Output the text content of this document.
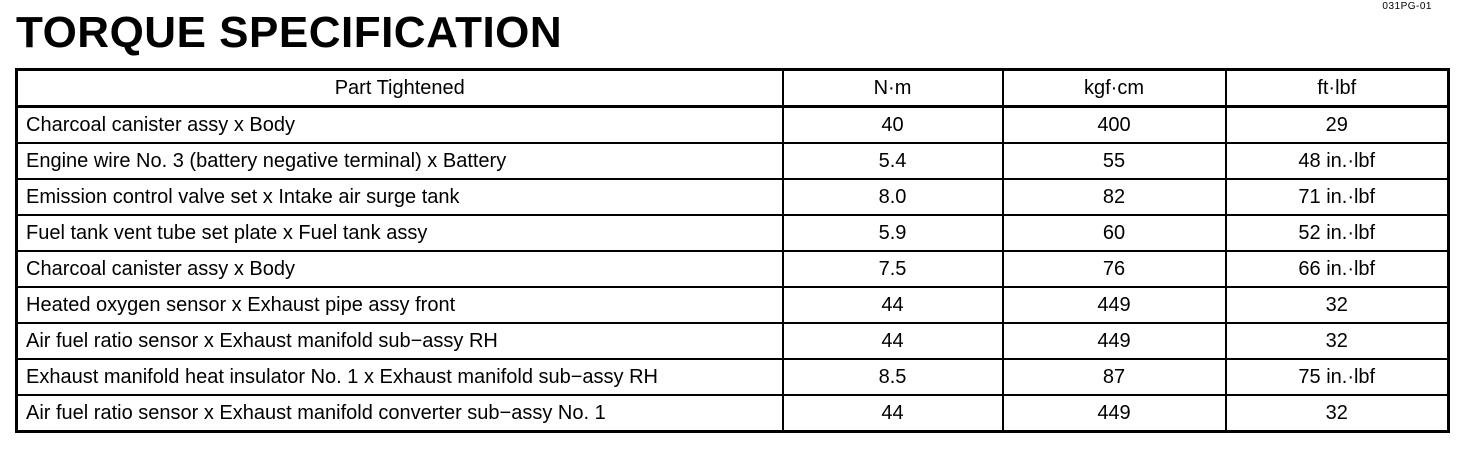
031PG-01
TORQUE SPECIFICATION
Part Tightened	N·m	kgf·cm	ft·lbf
Charcoal canister assy x Body	40	400	29
Engine wire No. 3 (battery negative terminal) x Battery	5.4	55	48 in.·lbf
Emission control valve set x Intake air surge tank	8.0	82	71 in.·lbf
Fuel tank vent tube set plate x Fuel tank assy	5.9	60	52 in.·lbf
Charcoal canister assy x Body	7.5	76	66 in.·lbf
Heated oxygen sensor x Exhaust pipe assy front	44	449	32
Air fuel ratio sensor x Exhaust manifold sub−assy RH	44	449	32
Exhaust manifold heat insulator No. 1 x Exhaust manifold sub−assy RH	8.5	87	75 in.·lbf
Air fuel ratio sensor x Exhaust manifold converter sub−assy No. 1	44	449	32
